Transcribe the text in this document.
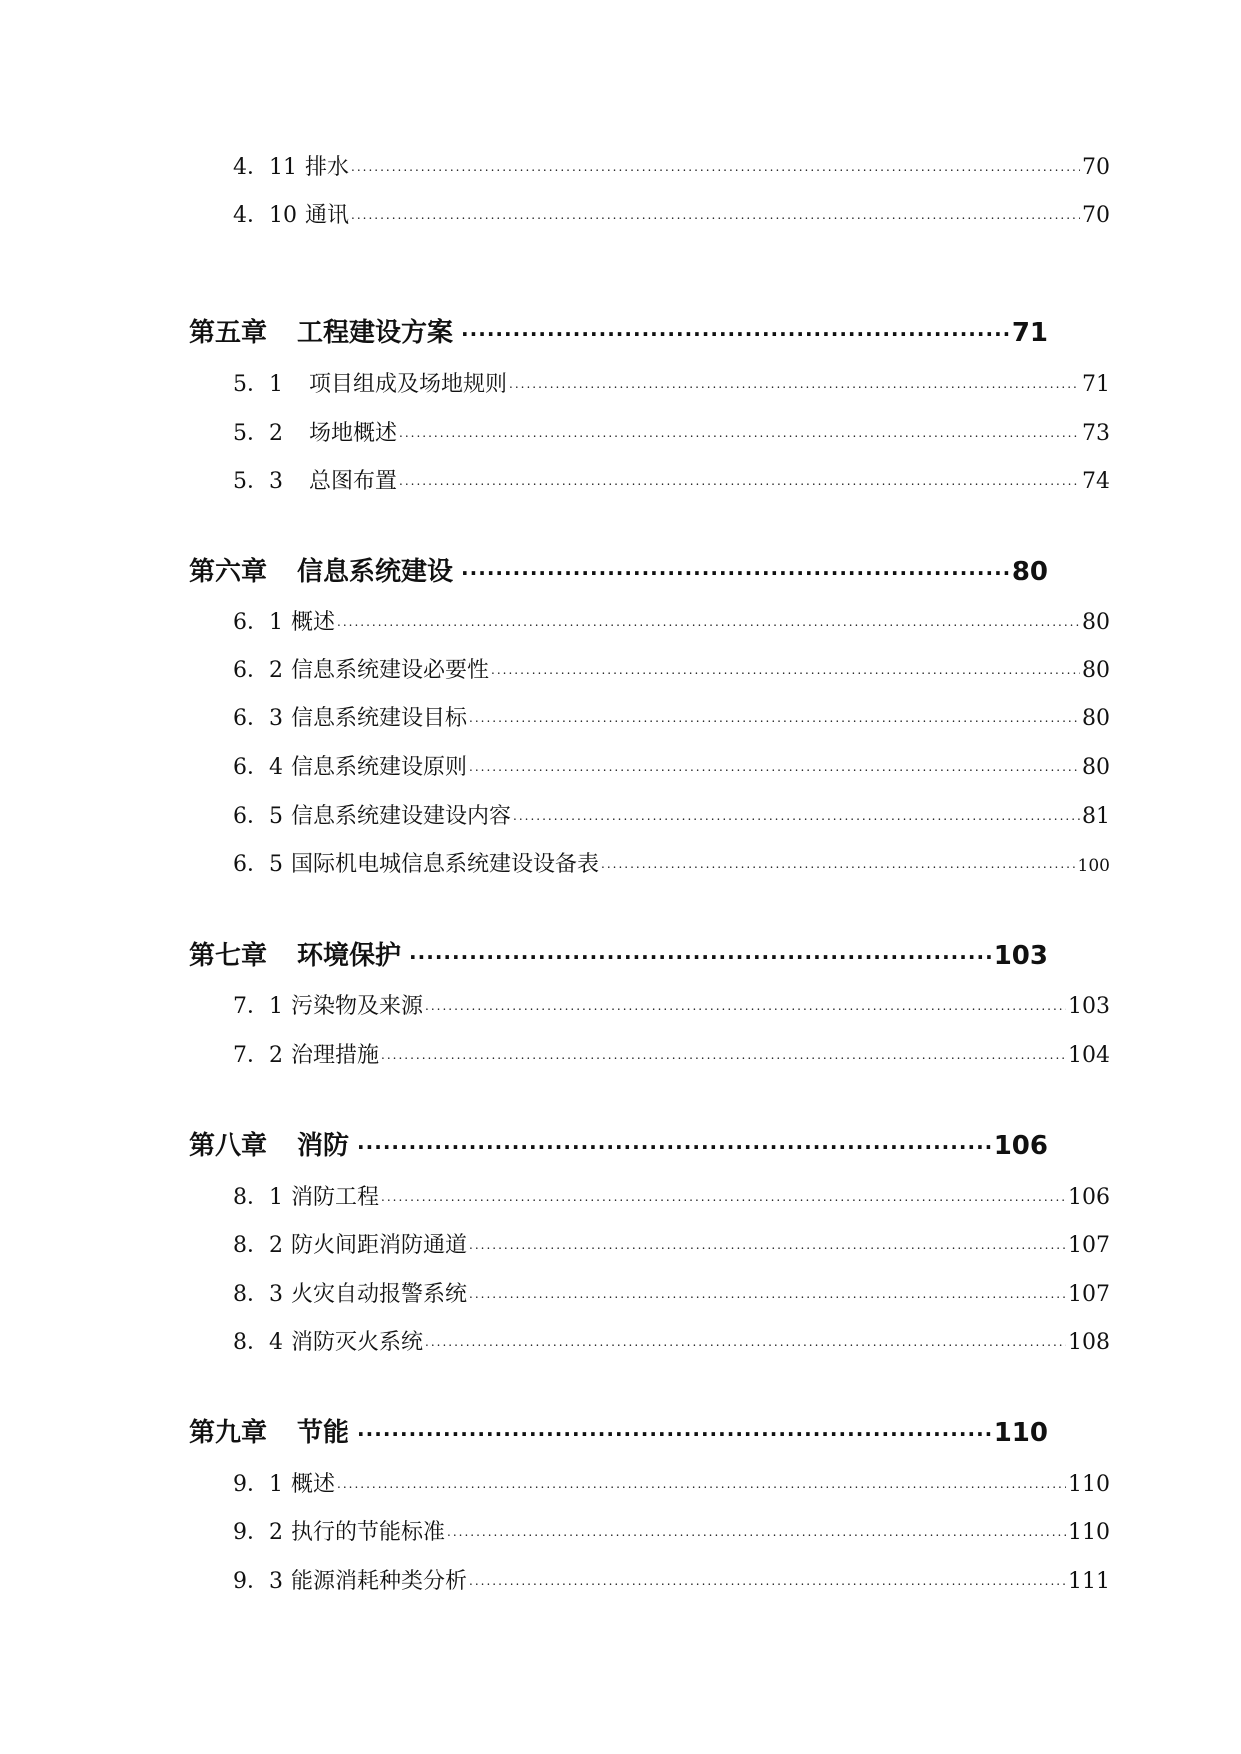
4．11 排水 .....	70
4．10 通讯 .....	70
第五章 工程建设方案 .....	71
5．1 项目组成及场地规则 .....	71
5．2 场地概述 .....	73
5．3 总图布置 .....	74
第六章 信息系统建设 .....	80
6．1 概述 .....	80
6．2 信息系统建设必要性 .....	80
6．3 信息系统建设目标 .....	80
6．4 信息系统建设原则 .....	80
6．5 信息系统建设建设内容 .....	81
6．5 国际机电城信息系统建设设备表 .....	100
第七章 环境保护 .....	103
7．1 污染物及来源 .....	103
7．2 治理措施 .....	104
第八章 消防 .....	106
8．1 消防工程 .....	106
8．2 防火间距消防通道 .....	107
8．3 火灾自动报警系统 .....	107
8．4 消防灭火系统 .....	108
第九章 节能 .....	110
9．1 概述 .....	110
9．2 执行的节能标准 .....	110
9．3 能源消耗种类分析 .....	111
